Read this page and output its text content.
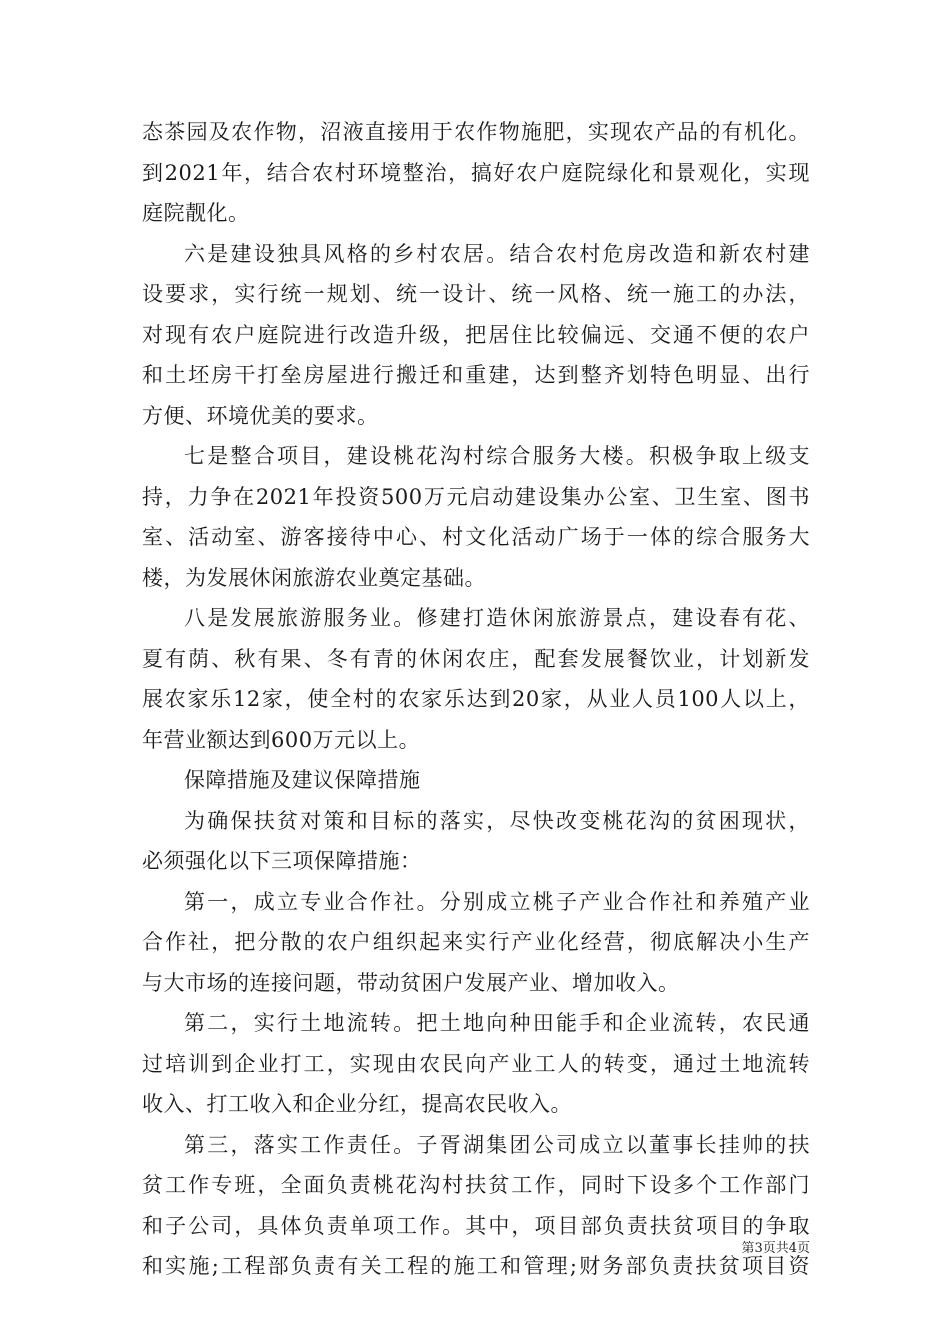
态茶园及农作物，沼液直接用于农作物施肥，实现农产品的有机化。
到2021年，结合农村环境整治，搞好农户庭院绿化和景观化，实现
庭院靓化。
六是建设独具风格的乡村农居。结合农村危房改造和新农村建
设要求，实行统一规划、统一设计、统一风格、统一施工的办法，
对现有农户庭院进行改造升级，把居住比较偏远、交通不便的农户
和土坯房干打垒房屋进行搬迁和重建，达到整齐划特色明显、出行
方便、环境优美的要求。
七是整合项目，建设桃花沟村综合服务大楼。积极争取上级支
持，力争在2021年投资500万元启动建设集办公室、卫生室、图书
室、活动室、游客接待中心、村文化活动广场于一体的综合服务大
楼，为发展休闲旅游农业奠定基础。
八是发展旅游服务业。修建打造休闲旅游景点，建设春有花、
夏有荫、秋有果、冬有青的休闲农庄，配套发展餐饮业，计划新发
展农家乐12家，使全村的农家乐达到20家，从业人员100人以上，
年营业额达到600万元以上。
保障措施及建议保障措施
为确保扶贫对策和目标的落实，尽快改变桃花沟的贫困现状，
必须强化以下三项保障措施：
第一，成立专业合作社。分别成立桃子产业合作社和养殖产业
合作社，把分散的农户组织起来实行产业化经营，彻底解决小生产
与大市场的连接问题，带动贫困户发展产业、增加收入。
第二，实行土地流转。把土地向种田能手和企业流转，农民通
过培训到企业打工，实现由农民向产业工人的转变，通过土地流转
收入、打工收入和企业分红，提高农民收入。
第三，落实工作责任。子胥湖集团公司成立以董事长挂帅的扶
贫工作专班，全面负责桃花沟村扶贫工作，同时下设多个工作部门
和子公司，具体负责单项工作。其中，项目部负责扶贫项目的争取
和实施;工程部负责有关工程的施工和管理;财务部负责扶贫项目资
第3页共4页
